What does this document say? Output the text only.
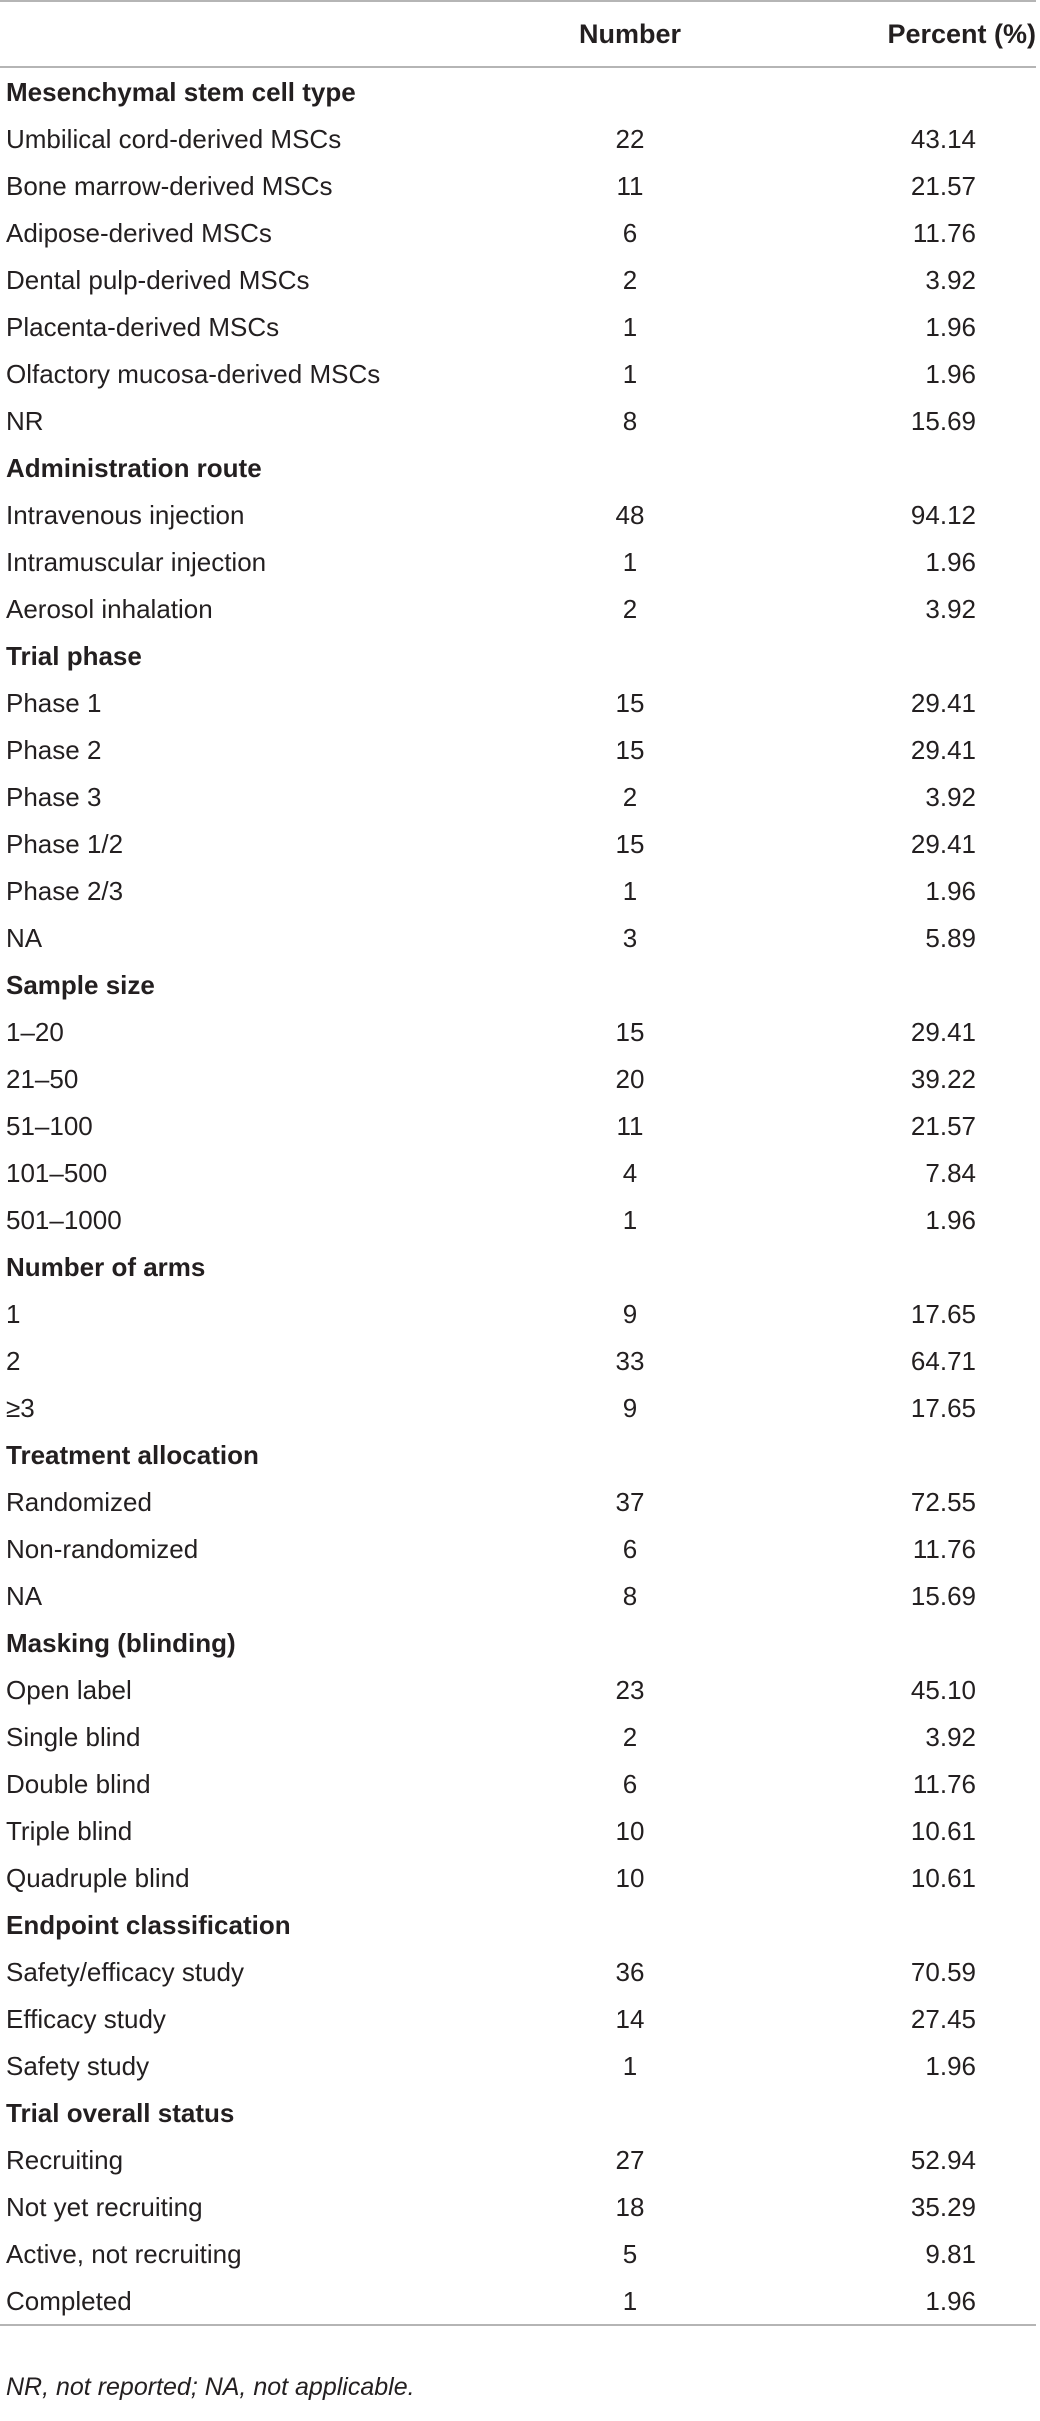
	Number	Percent (%)
Mesenchymal stem cell type		
Umbilical cord-derived MSCs	22	43.14
Bone marrow-derived MSCs	11	21.57
Adipose-derived MSCs	6	11.76
Dental pulp-derived MSCs	2	3.92
Placenta-derived MSCs	1	1.96
Olfactory mucosa-derived MSCs	1	1.96
NR	8	15.69
Administration route		
Intravenous injection	48	94.12
Intramuscular injection	1	1.96
Aerosol inhalation	2	3.92
Trial phase		
Phase 1	15	29.41
Phase 2	15	29.41
Phase 3	2	3.92
Phase 1/2	15	29.41
Phase 2/3	1	1.96
NA	3	5.89
Sample size		
1–20	15	29.41
21–50	20	39.22
51–100	11	21.57
101–500	4	7.84
501–1000	1	1.96
Number of arms		
1	9	17.65
2	33	64.71
≥3	9	17.65
Treatment allocation		
Randomized	37	72.55
Non-randomized	6	11.76
NA	8	15.69
Masking (blinding)		
Open label	23	45.10
Single blind	2	3.92
Double blind	6	11.76
Triple blind	10	10.61
Quadruple blind	10	10.61
Endpoint classification		
Safety/efficacy study	36	70.59
Efficacy study	14	27.45
Safety study	1	1.96
Trial overall status		
Recruiting	27	52.94
Not yet recruiting	18	35.29
Active, not recruiting	5	9.81
Completed	1	1.96
NR, not reported; NA, not applicable.
